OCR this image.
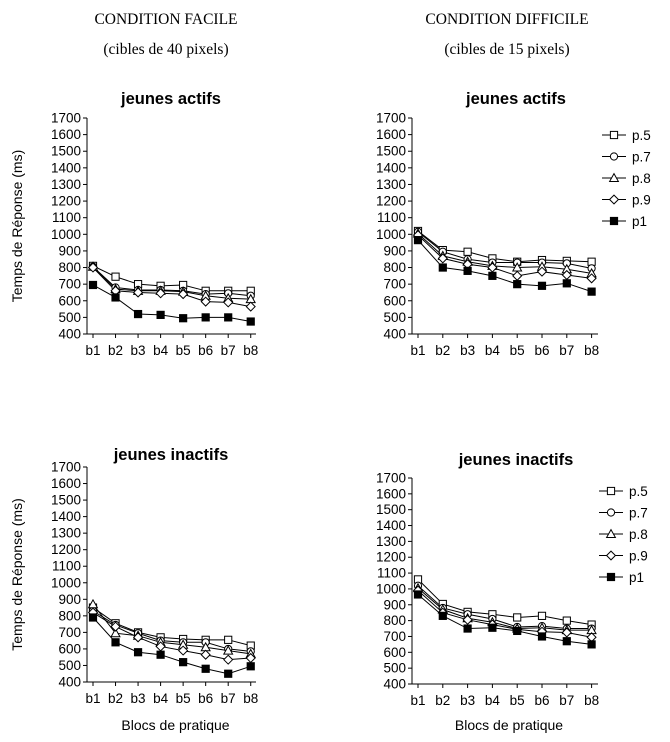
CONDITION FACILE
(cibles de 40 pixels)
CONDITION DIFFICILE
(cibles de 15 pixels)
jeunes actifs
400
500
600
700
800
900
1000
1100
1200
1300
1400
1500
1600
1700
b1 b2 b3 b4 b5 b6 b7 b8
Temps de Réponse (ms)
jeunes actifs
400
500
600
700
800
900
1000
1100
1200
1300
1400
1500
1600
1700
b1 b2 b3 b4 b5 b6 b7 b8
p.5
p.7
p.8
p.9
p1
jeunes inactifs
400
500
600
700
800
900
1000
1100
1200
1300
1400
1500
1600
1700
b1 b2 b3 b4 b5 b6 b7 b8
Temps de Réponse (ms)
Blocs de pratique
jeunes inactifs
400
500
600
700
800
900
1000
1100
1200
1300
1400
1500
1600
1700
b1 b2 b3 b4 b5 b6 b7 b8
Blocs de pratique
p.5
p.7
p.8
p.9
p1
